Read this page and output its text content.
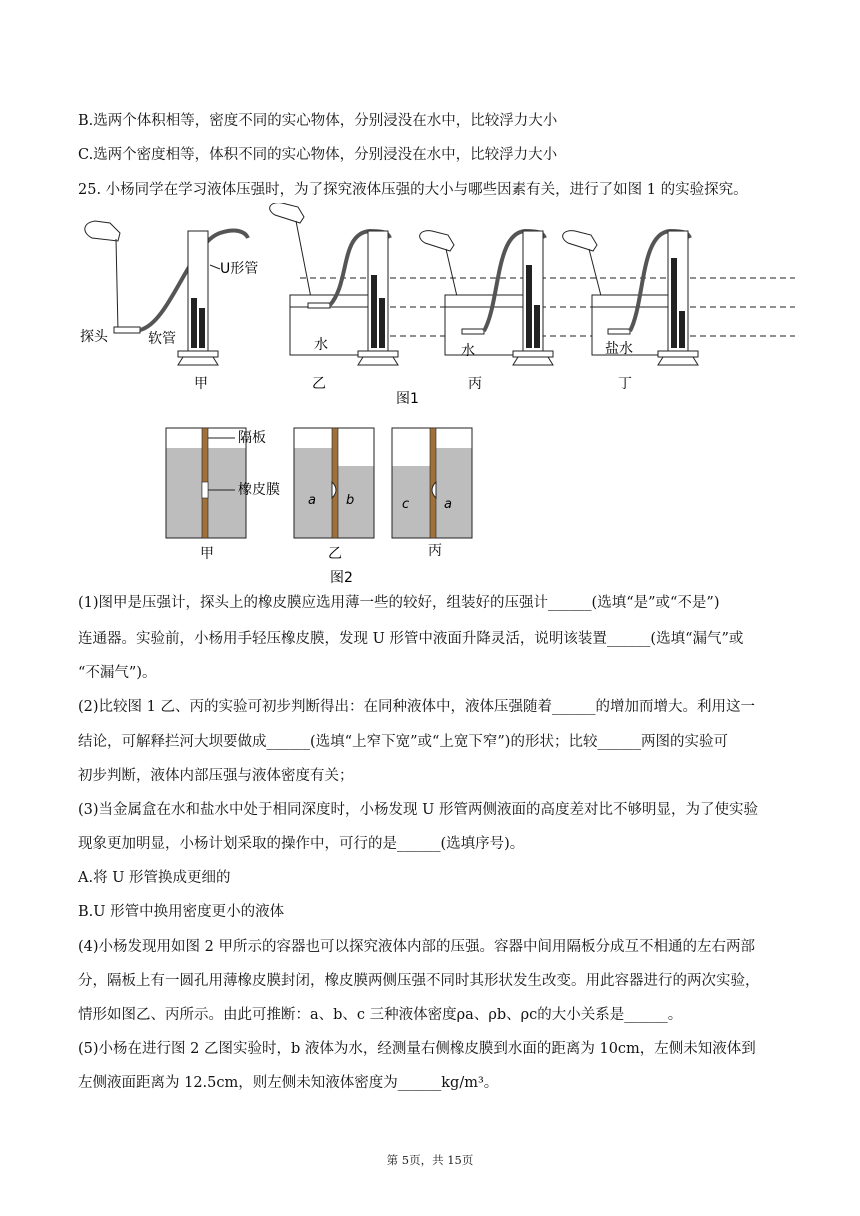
B.选两个体积相等，密度不同的实心物体，分别浸没在水中，比较浮力大小
C.选两个密度相等，体积不同的实心物体，分别浸没在水中，比较浮力大小
25. 小杨同学在学习液体压强时，为了探究液体压强的大小与哪些因素有关，进行了如图 1 的实验探究。
U形管
探头	软管
甲
水
乙
水
丙
盐水
丁
图1
隔板
橡皮膜
甲
a b
乙
c	a
丙
图2
(1)图甲是压强计，探头上的橡皮膜应选用薄一些的较好，组装好的压强计______(选填“是”或“不是”)
连通器。实验前，小杨用手轻压橡皮膜，发现 U 形管中液面升降灵活，说明该装置______(选填“漏气”或
“不漏气”)。
(2)比较图 1 乙、丙的实验可初步判断得出：在同种液体中，液体压强随着______的增加而增大。利用这一
结论，可解释拦河大坝要做成______(选填“上窄下宽”或“上宽下窄”)的形状；比较______两图的实验可
初步判断，液体内部压强与液体密度有关；
(3)当金属盒在水和盐水中处于相同深度时，小杨发现 U 形管两侧液面的高度差对比不够明显，为了使实验
现象更加明显，小杨计划采取的操作中，可行的是______(选填序号)。
A.将 U 形管换成更细的
B.U 形管中换用密度更小的液体
(4)小杨发现用如图 2 甲所示的容器也可以探究液体内部的压强。容器中间用隔板分成互不相通的左右两部
分，隔板上有一圆孔用薄橡皮膜封闭，橡皮膜两侧压强不同时其形状发生改变。用此容器进行的两次实验，
情形如图乙、丙所示。由此可推断：a、b、c 三种液体密度ρa、ρb、ρc的大小关系是______。
(5)小杨在进行图 2 乙图实验时，b 液体为水，经测量右侧橡皮膜到水面的距离为 10cm，左侧未知液体到
左侧液面距离为 12.5cm，则左侧未知液体密度为______kg/m³。
第 5页，共 15页
